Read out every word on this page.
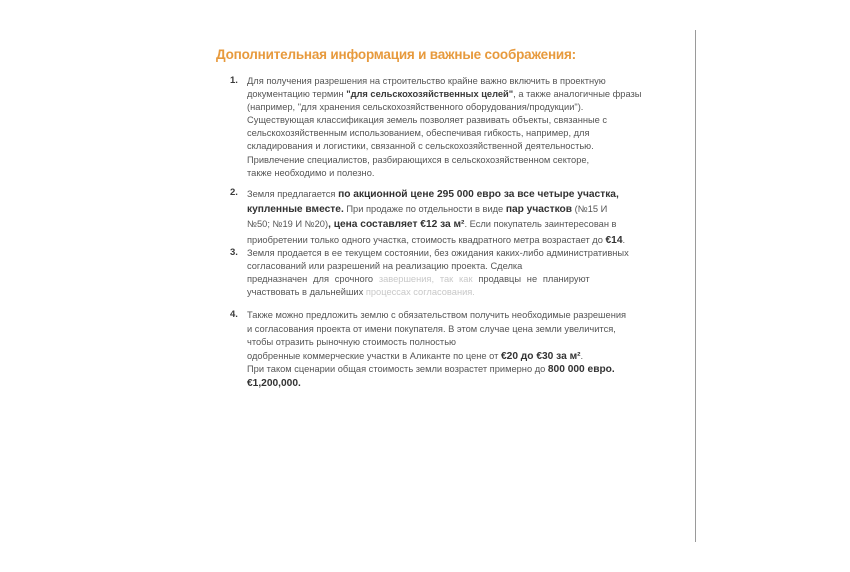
Дополнительная информация и важные соображения:
1. Для получения разрешения на строительство крайне важно включить в проектную
документацию термин "для сельскохозяйственных целей", а также аналогичные фразы
(например, "для хранения сельскохозяйственного оборудования/продукции").
Существующая классификация земель позволяет развивать объекты, связанные с
сельскохозяйственным использованием, обеспечивая гибкость, например, для
складирования и логистики, связанной с сельскохозяйственной деятельностью.
Привлечение специалистов, разбирающихся в сельскохозяйственном секторе,
также необходимо и полезно.
2. Земля предлагается по акционной цене 295 000 евро за все четыре участка,
купленные вместе. При продаже по отдельности в виде пар участков (№15 И
№50; №19 И №20), цена составляет €12 за м². Если покупатель заинтересован в
приобретении только одного участка, стоимость квадратного метра возрастает до €14.
3. Земля продается в ее текущем состоянии, без ожидания каких-либо административных
согласований или разрешений на реализацию проекта. Сделка
предназначен для срочного завершения, так как продавцы не планируют
участвовать в дальнейших процессах согласования.
4. Также можно предложить землю с обязательством получить необходимые разрешения
и согласования проекта от имени покупателя. В этом случае цена земли увеличится,
чтобы отразить рыночную стоимость полностью
одобренные коммерческие участки в Аликанте по цене от €20 до €30 за м².
При таком сценарии общая стоимость земли возрастет примерно до 800 000 евро.
€1,200,000.
